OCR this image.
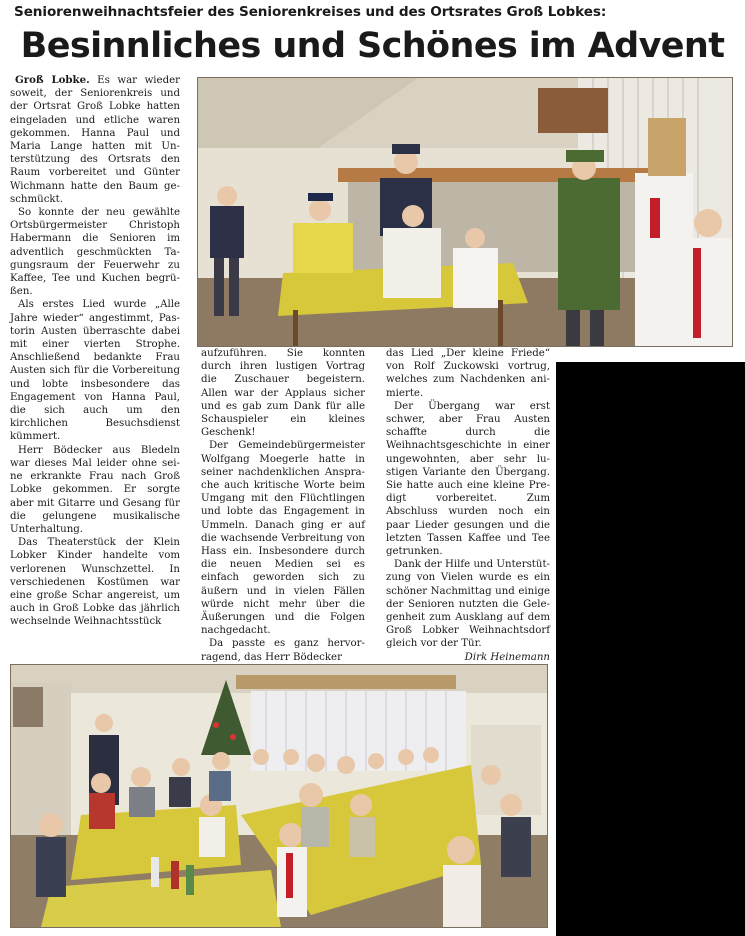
Seniorenweihnachtsfeier des Seniorenkreises und des Ortsrates Groß Lobkes:
Besinnliches und Schönes im Advent

Groß Lobke. Es war wieder soweit, der Seniorenkreis und der Ortsrat Groß Lobke hatten eingeladen und etliche waren gekommen. Hanna Paul und Maria Lange hatten mit Unterstützung des Ortsrats den Raum vorbereitet und Günter Wichmann hatte den Baum geschmückt.

So konnte der neu gewählte Ortsbürgermeister Christoph Habermann die Senioren im adventlich geschmückten Tagungsraum der Feuerwehr zu Kaffee, Tee und Kuchen begrüßen.

Als erstes Lied wurde „Alle Jahre wieder“ angestimmt, Pas-torin Austen überraschte dabei mit einer vierten Strophe. Anschließend bedankte Frau Austen sich für die Vorbereitung und lobte insbesondere das Engagement von Hanna Paul, die sich auch um den kirchlichen Besuchsdienst kümmert.

Herr Bödecker aus Bledeln war dieses Mal leider ohne seine erkrankte Frau nach Groß Lobke gekommen. Er sorgte aber mit Gitarre und Gesang für die gelungene musikalische Unterhaltung.

Das Theaterstück der Klein Lobker Kinder handelte vom verlorenen Wunschzettel. In verschiedenen Kostümen war eine große Schar angereist, um auch in Groß Lobke das jährlich wechselnde Weihnachtsstück

aufzuführen. Sie konnten durch ihren lustigen Vortrag die Zuschauer begeistern. Allen war der Applaus sicher und es gab zum Dank für alle Schauspieler ein kleines Geschenk!

Der Gemeindebürgermeister Wolfgang Moegerle hatte in seiner nachdenklichen Ansprache auch kritische Worte beim Umgang mit den Flüchtlingen und lobte das Engagement in Ummeln. Danach ging er auf die wachsende Verbreitung von Hass ein. Insbesondere durch die neuen Medien sei es einfach geworden sich zu äußern und in vielen Fällen würde nicht mehr über die Äußerungen und die Folgen nachgedacht.

Da passte es ganz hervorragend, das Herr Bödecker

das Lied „Der kleine Friede“ von Rolf Zuckowski vortrug, welches zum Nachdenken animierte.

Der Übergang war erst schwer, aber Frau Austen schaffte durch die Weihnachtsgeschichte in einer ungewohnten, aber sehr lustigen Variante den Übergang. Sie hatte auch eine kleine Predigt vorbereitet. Zum Abschluss wurden noch ein paar Lieder gesungen und die letzten Tassen Kaffee und Tee getrunken.

Dank der Hilfe und Unterstützung von Vielen wurde es ein schöner Nachmittag und einige der Senioren nutzten die Gelegenheit zum Ausklang auf dem Groß Lobker Weihnachtsdorf gleich vor der Tür.

Dirk Heinemann
